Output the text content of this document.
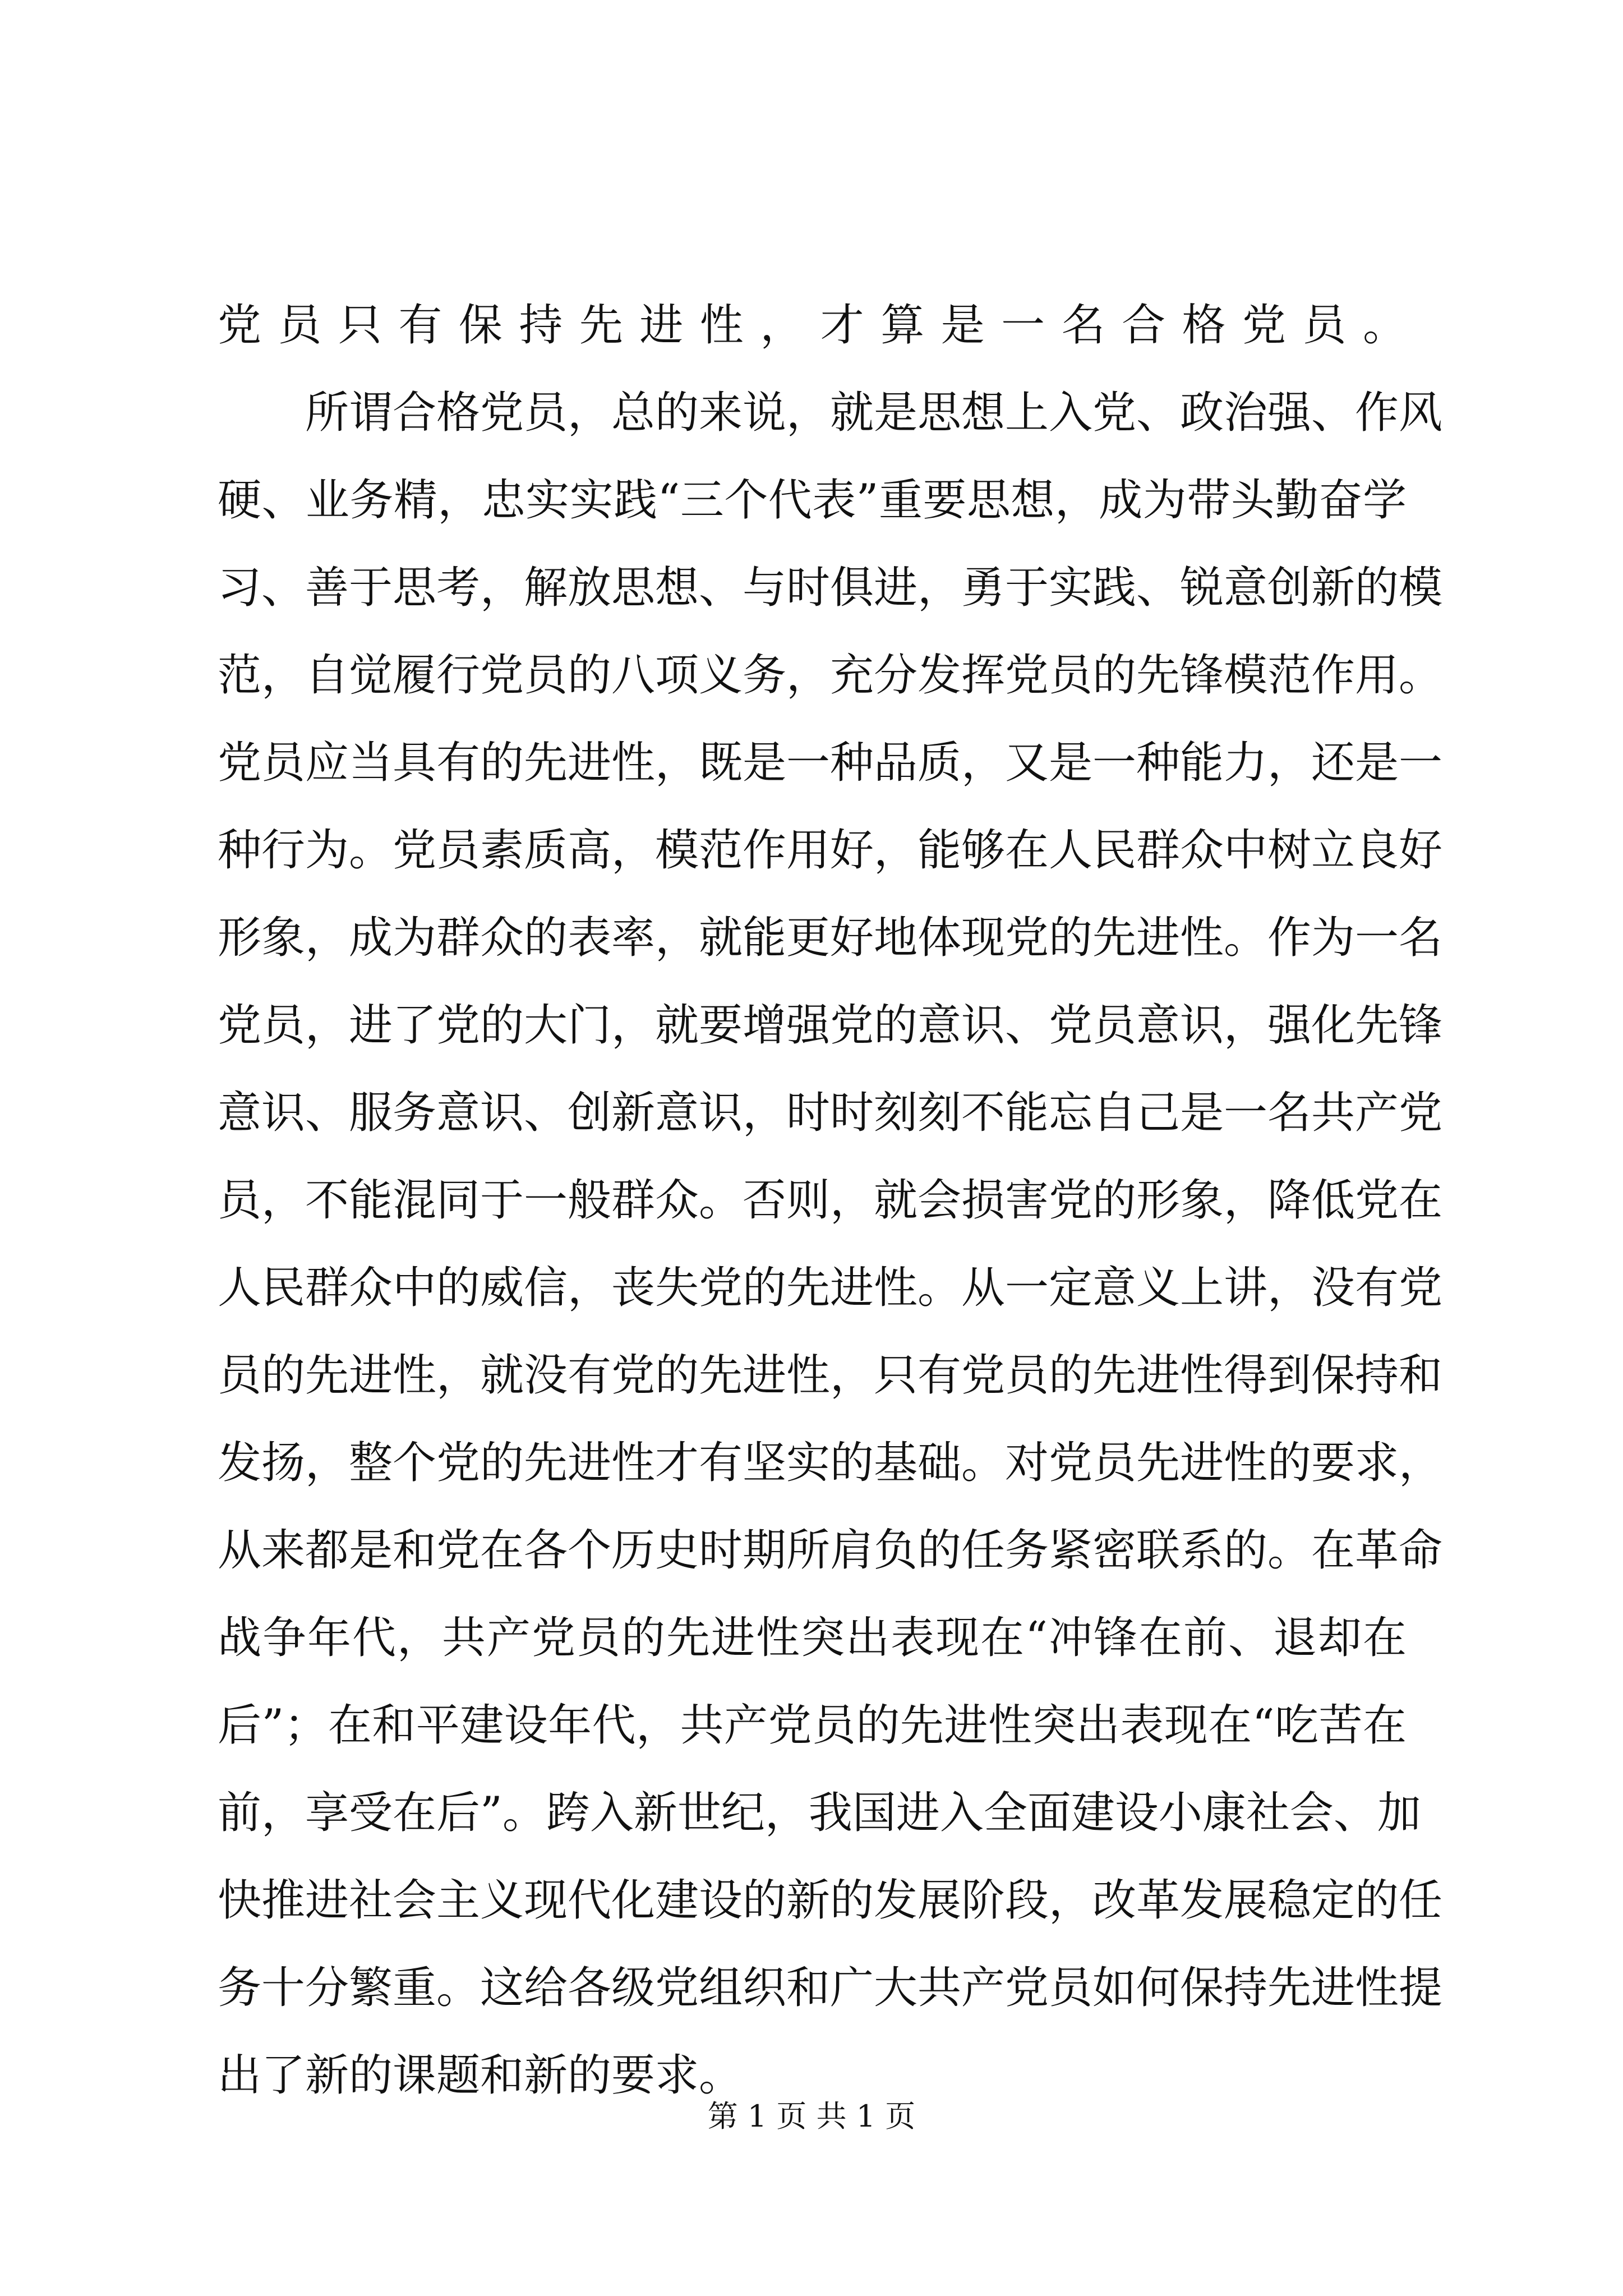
党员只有保持先进性，才算是一名合格党员。
所谓合格党员，总的来说，就是思想上入党、政治强、作风
硬、业务精，忠实实践“三个代表”重要思想，成为带头勤奋学
习、善于思考，解放思想、与时俱进，勇于实践、锐意创新的模
范，自觉履行党员的八项义务，充分发挥党员的先锋模范作用。
党员应当具有的先进性，既是一种品质，又是一种能力，还是一
种行为。党员素质高，模范作用好，能够在人民群众中树立良好
形象，成为群众的表率，就能更好地体现党的先进性。作为一名
党员，进了党的大门，就要增强党的意识、党员意识，强化先锋
意识、服务意识、创新意识，时时刻刻不能忘自己是一名共产党
员，不能混同于一般群众。否则，就会损害党的形象，降低党在
人民群众中的威信，丧失党的先进性。从一定意义上讲，没有党
员的先进性，就没有党的先进性，只有党员的先进性得到保持和
发扬，整个党的先进性才有坚实的基础。对党员先进性的要求，
从来都是和党在各个历史时期所肩负的任务紧密联系的。在革命
战争年代，共产党员的先进性突出表现在“冲锋在前、退却在
后”；在和平建设年代，共产党员的先进性突出表现在“吃苦在
前，享受在后”。跨入新世纪，我国进入全面建设小康社会、加
快推进社会主义现代化建设的新的发展阶段，改革发展稳定的任
务十分繁重。这给各级党组织和广大共产党员如何保持先进性提
出了新的课题和新的要求。
第 1 页 共 1 页
